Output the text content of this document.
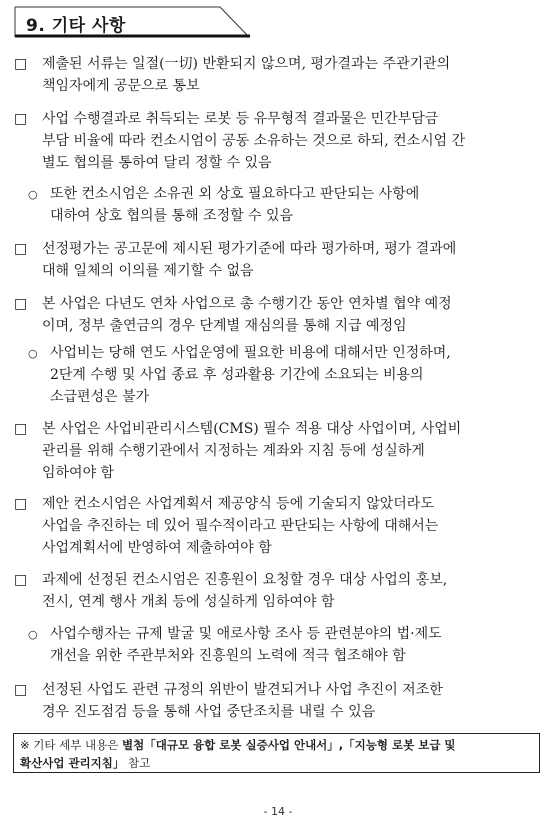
9. 기타 사항
□ 제출된 서류는 일절(一切) 반환되지 않으며, 평가결과는 주관기관의
책임자에게 공문으로 통보
□ 사업 수행결과로 취득되는 로봇 등 유무형적 결과물은 민간부담금
부담 비율에 따라 컨소시엄이 공동 소유하는 것으로 하되, 컨소시엄 간
별도 협의를 통하여 달리 정할 수 있음
○ 또한 컨소시엄은 소유권 외 상호 필요하다고 판단되는 사항에
대하여 상호 협의를 통해 조정할 수 있음
□ 선정평가는 공고문에 제시된 평가기준에 따라 평가하며, 평가 결과에
대해 일체의 이의를 제기할 수 없음
□ 본 사업은 다년도 연차 사업으로 총 수행기간 동안 연차별 협약 예정
이며, 정부 출연금의 경우 단계별 재심의를 통해 지급 예정임
○ 사업비는 당해 연도 사업운영에 필요한 비용에 대해서만 인정하며,
2단계 수행 및 사업 종료 후 성과활용 기간에 소요되는 비용의
소급편성은 불가
□ 본 사업은 사업비관리시스템(CMS) 필수 적용 대상 사업이며, 사업비
관리를 위해 수행기관에서 지정하는 계좌와 지침 등에 성실하게
임하여야 함
□ 제안 컨소시엄은 사업계획서 제공양식 등에 기술되지 않았더라도
사업을 추진하는 데 있어 필수적이라고 판단되는 사항에 대해서는
사업계획서에 반영하여 제출하여야 함
□ 과제에 선정된 컨소시엄은 진흥원이 요청할 경우 대상 사업의 홍보,
전시, 연계 행사 개최 등에 성실하게 임하여야 함
○ 사업수행자는 규제 발굴 및 애로사항 조사 등 관련분야의 법·제도
개선을 위한 주관부처와 진흥원의 노력에 적극 협조해야 함
□ 선정된 사업도 관련 규정의 위반이 발견되거나 사업 추진이 저조한
경우 진도점검 등을 통해 사업 중단조치를 내릴 수 있음
※ 기타 세부 내용은 별첨「대규모 융합 로봇 실증사업 안내서」,「지능형 로봇 보급 및
확산사업 관리지침」 참고
- 14 -
